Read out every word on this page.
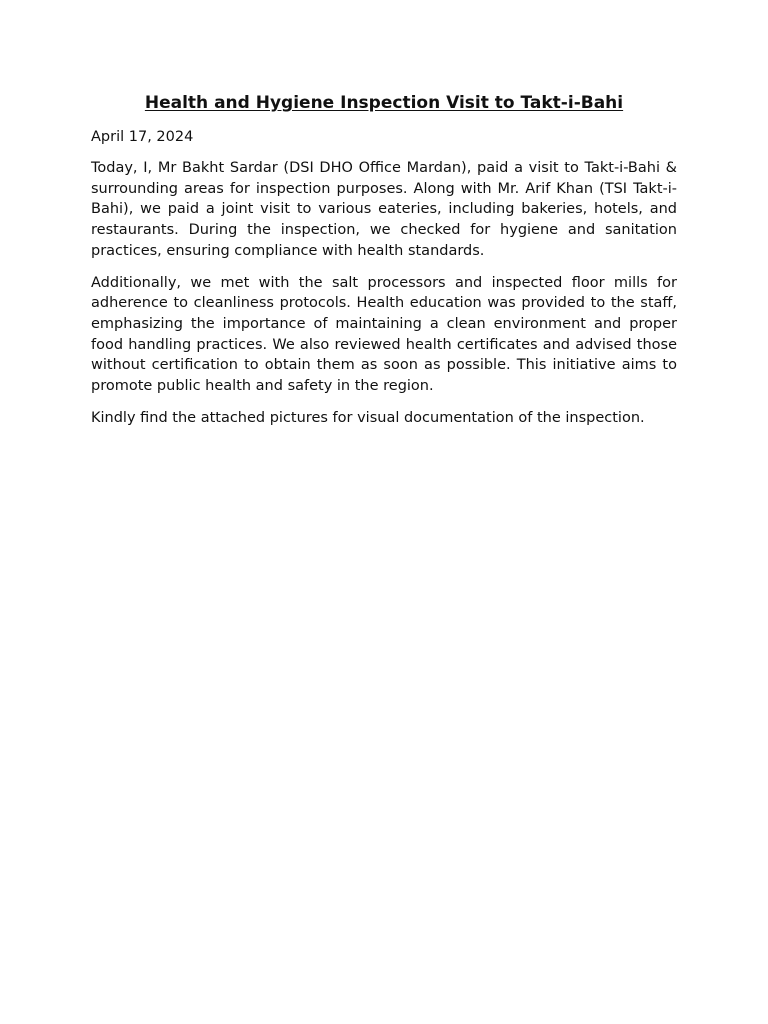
Health and Hygiene Inspection Visit to Takt-i-Bahi

April 17, 2024

Today, I, Mr Bakht Sardar (DSI DHO Office Mardan), paid a visit to Takt-i-Bahi & surrounding areas for inspection purposes. Along with Mr. Arif Khan (TSI Takt-i-Bahi), we paid a joint visit to various eateries, including bakeries, hotels, and restaurants. During the inspection, we checked for hygiene and sanitation practices, ensuring compliance with health standards.

Additionally, we met with the salt processors and inspected floor mills for adherence to cleanliness protocols. Health education was provided to the staff, emphasizing the importance of maintaining a clean environment and proper food handling practices. We also reviewed health certificates and advised those without certification to obtain them as soon as possible. This initiative aims to promote public health and safety in the region.

Kindly find the attached pictures for visual documentation of the inspection.
